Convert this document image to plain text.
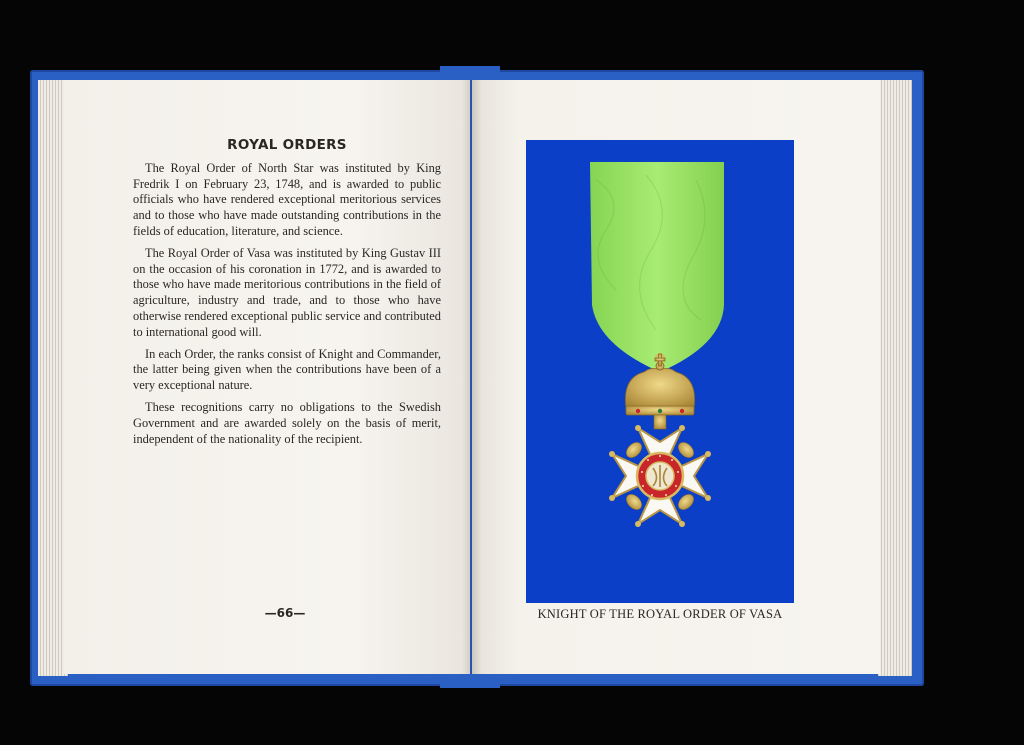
ROYAL ORDERS

The Royal Order of North Star was instituted by King Fredrik I on February 23, 1748, and is awarded to public officials who have rendered exceptional meritorious services and to those who have made outstanding contributions in the fields of education, literature, and science.

The Royal Order of Vasa was instituted by King Gustav III on the occasion of his coronation in 1772, and is awarded to those who have made meritorious contributions in the field of agriculture, industry and trade, and to those who have otherwise rendered exceptional public service and contributed to international good will.

In each Order, the ranks consist of Knight and Commander, the latter being given when the contributions have been of a very exceptional nature.

These recognitions carry no obligations to the Swedish Government and are awarded solely on the basis of merit, independent of the nationality of the recipient.

—66—	KNIGHT OF THE ROYAL ORDER OF VASA
